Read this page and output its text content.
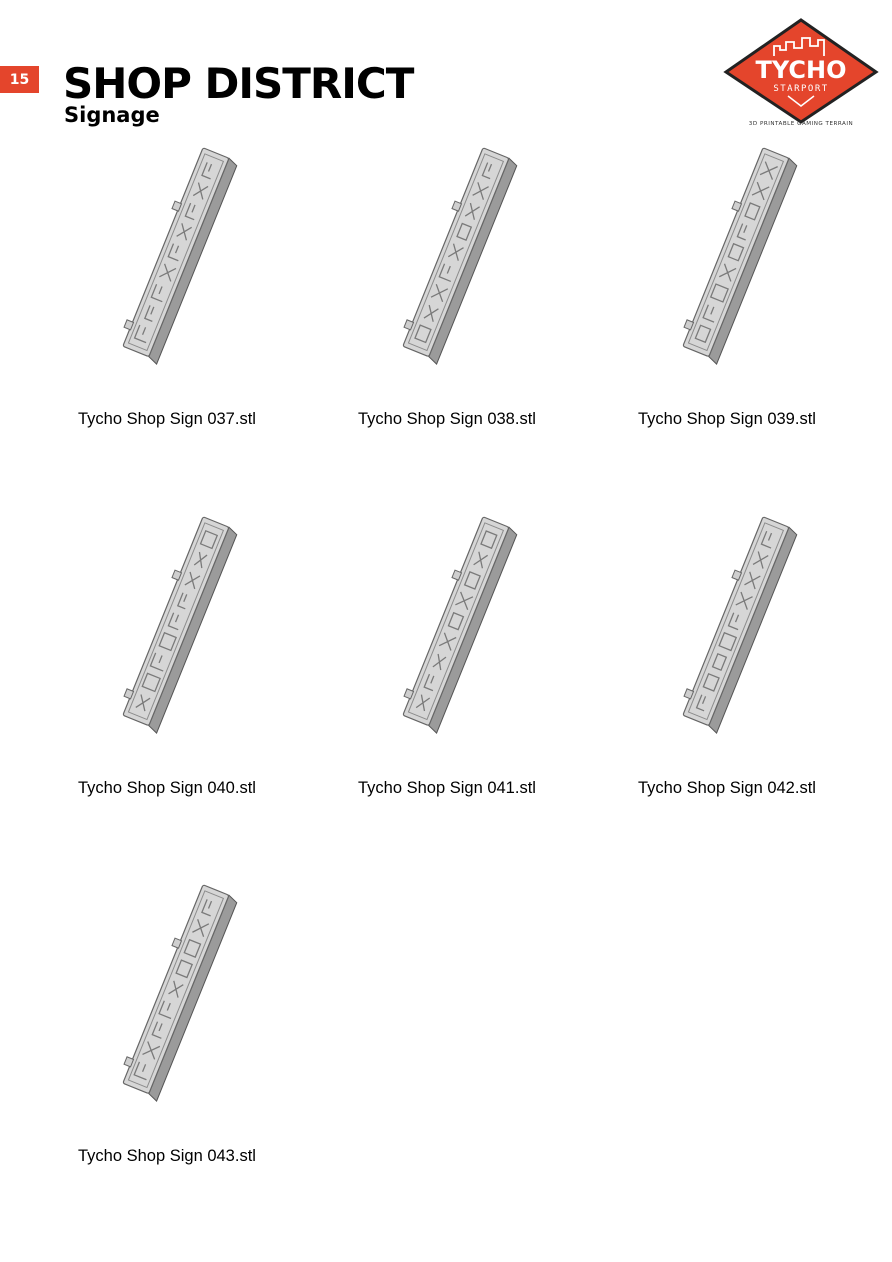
15 SHOP DISTRICT
Signage
TYCHO
STARPORT
3D PRINTABLE GAMING TERRAIN
Tycho Shop Sign 037.stl	Tycho Shop Sign 038.stl	Tycho Shop Sign 039.stl
Tycho Shop Sign 040.stl	Tycho Shop Sign 041.stl	Tycho Shop Sign 042.stl
Tycho Shop Sign 043.stl
